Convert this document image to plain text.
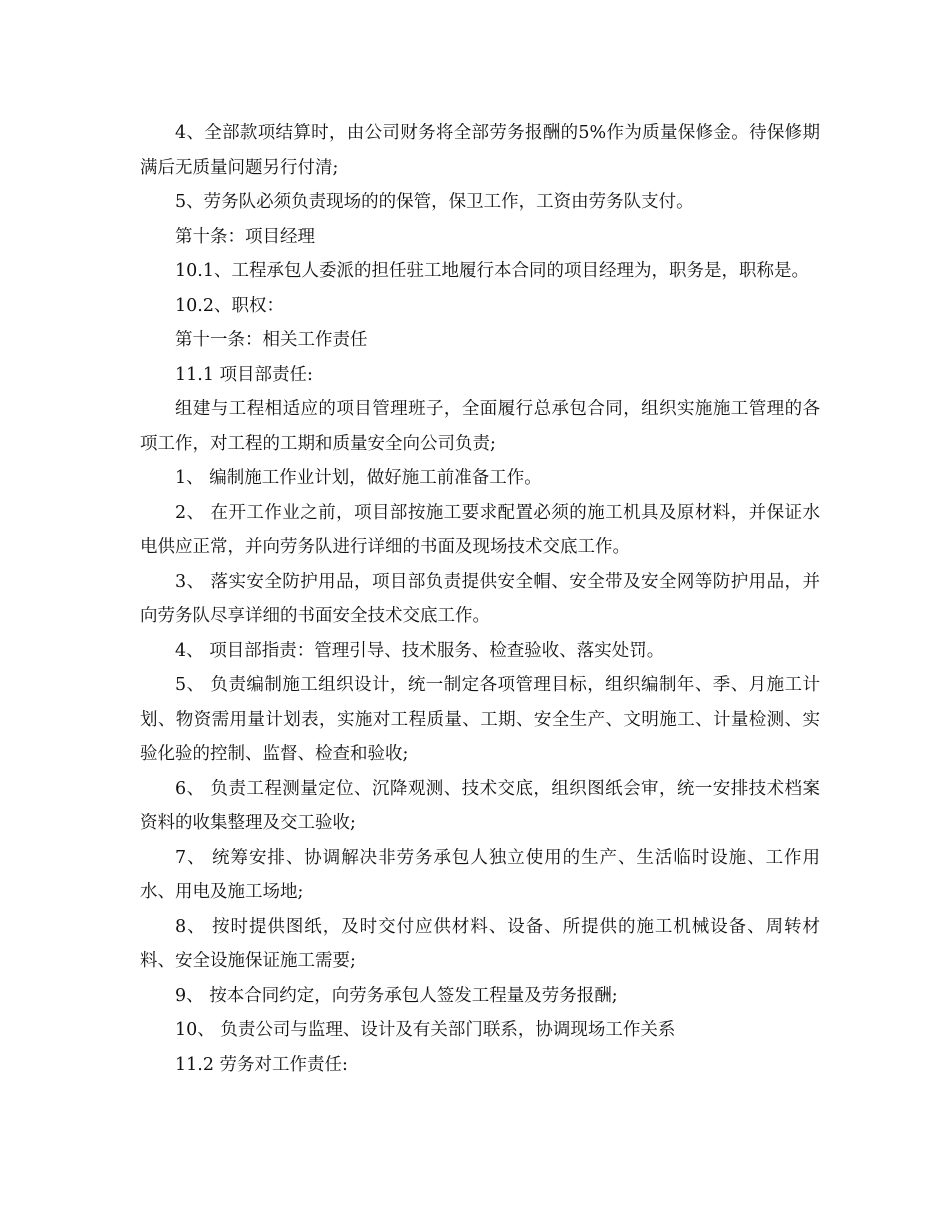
4、全部款项结算时，由公司财务将全部劳务报酬的5%作为质量保修金。待保修期满后无质量问题另行付清;

5、劳务队必须负责现场的的保管，保卫工作，工资由劳务队支付。

第十条：项目经理

10.1、工程承包人委派的担任驻工地履行本合同的项目经理为，职务是，职称是。

10.2、职权：

第十一条：相关工作责任

11.1 项目部责任:

组建与工程相适应的项目管理班子，全面履行总承包合同，组织实施施工管理的各项工作，对工程的工期和质量安全向公司负责;

1、 编制施工作业计划，做好施工前准备工作。

2、 在开工作业之前，项目部按施工要求配置必须的施工机具及原材料，并保证水电供应正常，并向劳务队进行详细的书面及现场技术交底工作。

3、 落实安全防护用品，项目部负责提供安全帽、安全带及安全网等防护用品，并向劳务队尽享详细的书面安全技术交底工作。

4、 项目部指责：管理引导、技术服务、检查验收、落实处罚。

5、 负责编制施工组织设计，统一制定各项管理目标，组织编制年、季、月施工计划、物资需用量计划表，实施对工程质量、工期、安全生产、文明施工、计量检测、实验化验的控制、监督、检查和验收;

6、 负责工程测量定位、沉降观测、技术交底，组织图纸会审，统一安排技术档案资料的收集整理及交工验收;

7、 统筹安排、协调解决非劳务承包人独立使用的生产、生活临时设施、工作用水、用电及施工场地;

8、 按时提供图纸，及时交付应供材料、设备、所提供的施工机械设备、周转材料、安全设施保证施工需要;

9、 按本合同约定，向劳务承包人签发工程量及劳务报酬;

10、 负责公司与监理、设计及有关部门联系，协调现场工作关系

11.2 劳务对工作责任:
